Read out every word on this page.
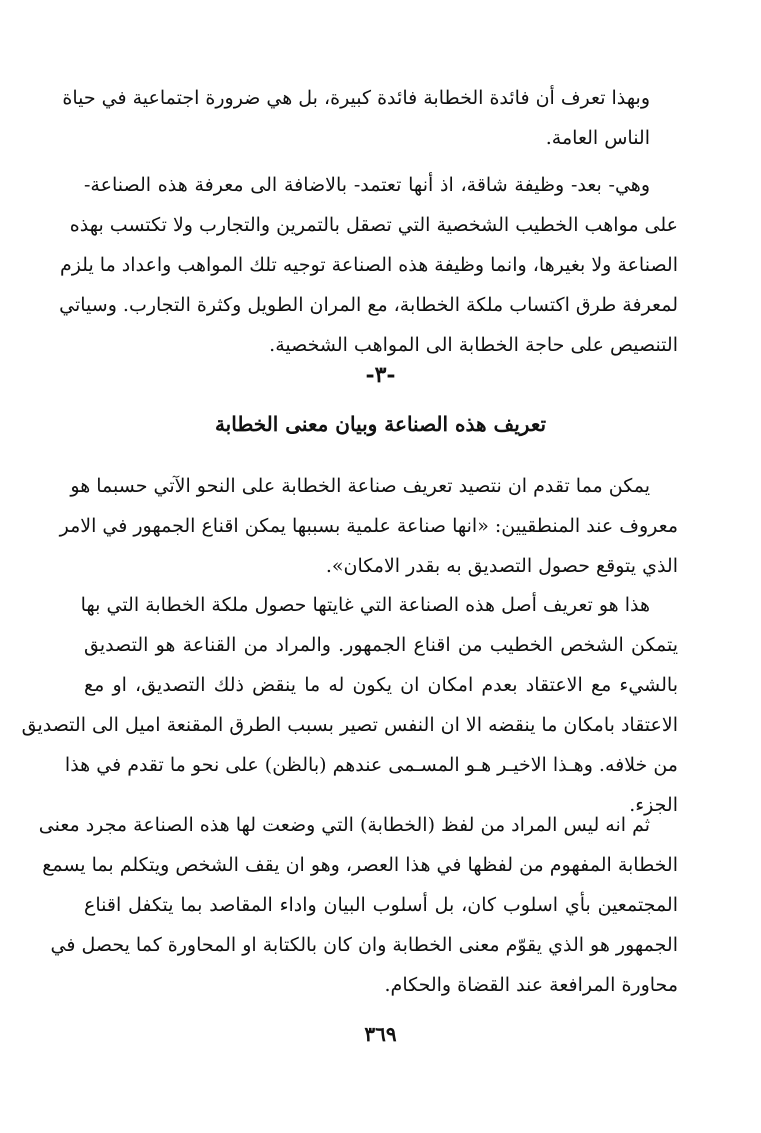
وبهذا تعرف أن فائدة الخطابة فائدة كبيرة، بل هي ضرورة اجتماعية في حياة
الناس العامة.
وهي- بعد- وظيفة شاقة، اذ أنها تعتمد- بالاضافة الى معرفة هذه الصناعة-
على مواهب الخطيب الشخصية التي تصقل بالتمرين والتجارب ولا تكتسب بهذه
الصناعة ولا بغيرها، وانما وظيفة هذه الصناعة توجيه تلك المواهب واعداد ما يلزم
لمعرفة طرق اكتساب ملكة الخطابة، مع المران الطويل وكثرة التجارب. وسياتي
التنصيص على حاجة الخطابة الى المواهب الشخصية.
-٣-
تعريف هذه الصناعة وبيان معنى الخطابة
يمكن مما تقدم ان نتصيد تعريف صناعة الخطابة على النحو الآتي حسبما هو
معروف عند المنطقيين: «انها صناعة علمية بسببها يمكن اقناع الجمهور في الامر
الذي يتوقع حصول التصديق به بقدر الامكان».
هذا هو تعريف أصل هذه الصناعة التي غايتها حصول ملكة الخطابة التي بها
يتمكن الشخص الخطيب من اقناع الجمهور. والمراد من القناعة هو التصديق
بالشيء مع الاعتقاد بعدم امكان ان يكون له ما ينقض ذلك التصديق، او مع
الاعتقاد بامكان ما ينقضه الا ان النفس تصير بسبب الطرق المقنعة اميل الى التصديق
من خلافه. وهـذا الاخيـر هـو المسـمى عندهم (بالظن) على نحو ما تقدم في هذا
الجزء.
ثم انه ليس المراد من لفظ (الخطابة) التي وضعت لها هذه الصناعة مجرد معنى
الخطابة المفهوم من لفظها في هذا العصر، وهو ان يقف الشخص ويتكلم بما يسمع
المجتمعين بأي اسلوب كان، بل أسلوب البيان واداء المقاصد بما يتكفل اقناع
الجمهور هو الذي يقوّم معنى الخطابة وان كان بالكتابة او المحاورة كما يحصل في
محاورة المرافعة عند القضاة والحكام.
٣٦٩
